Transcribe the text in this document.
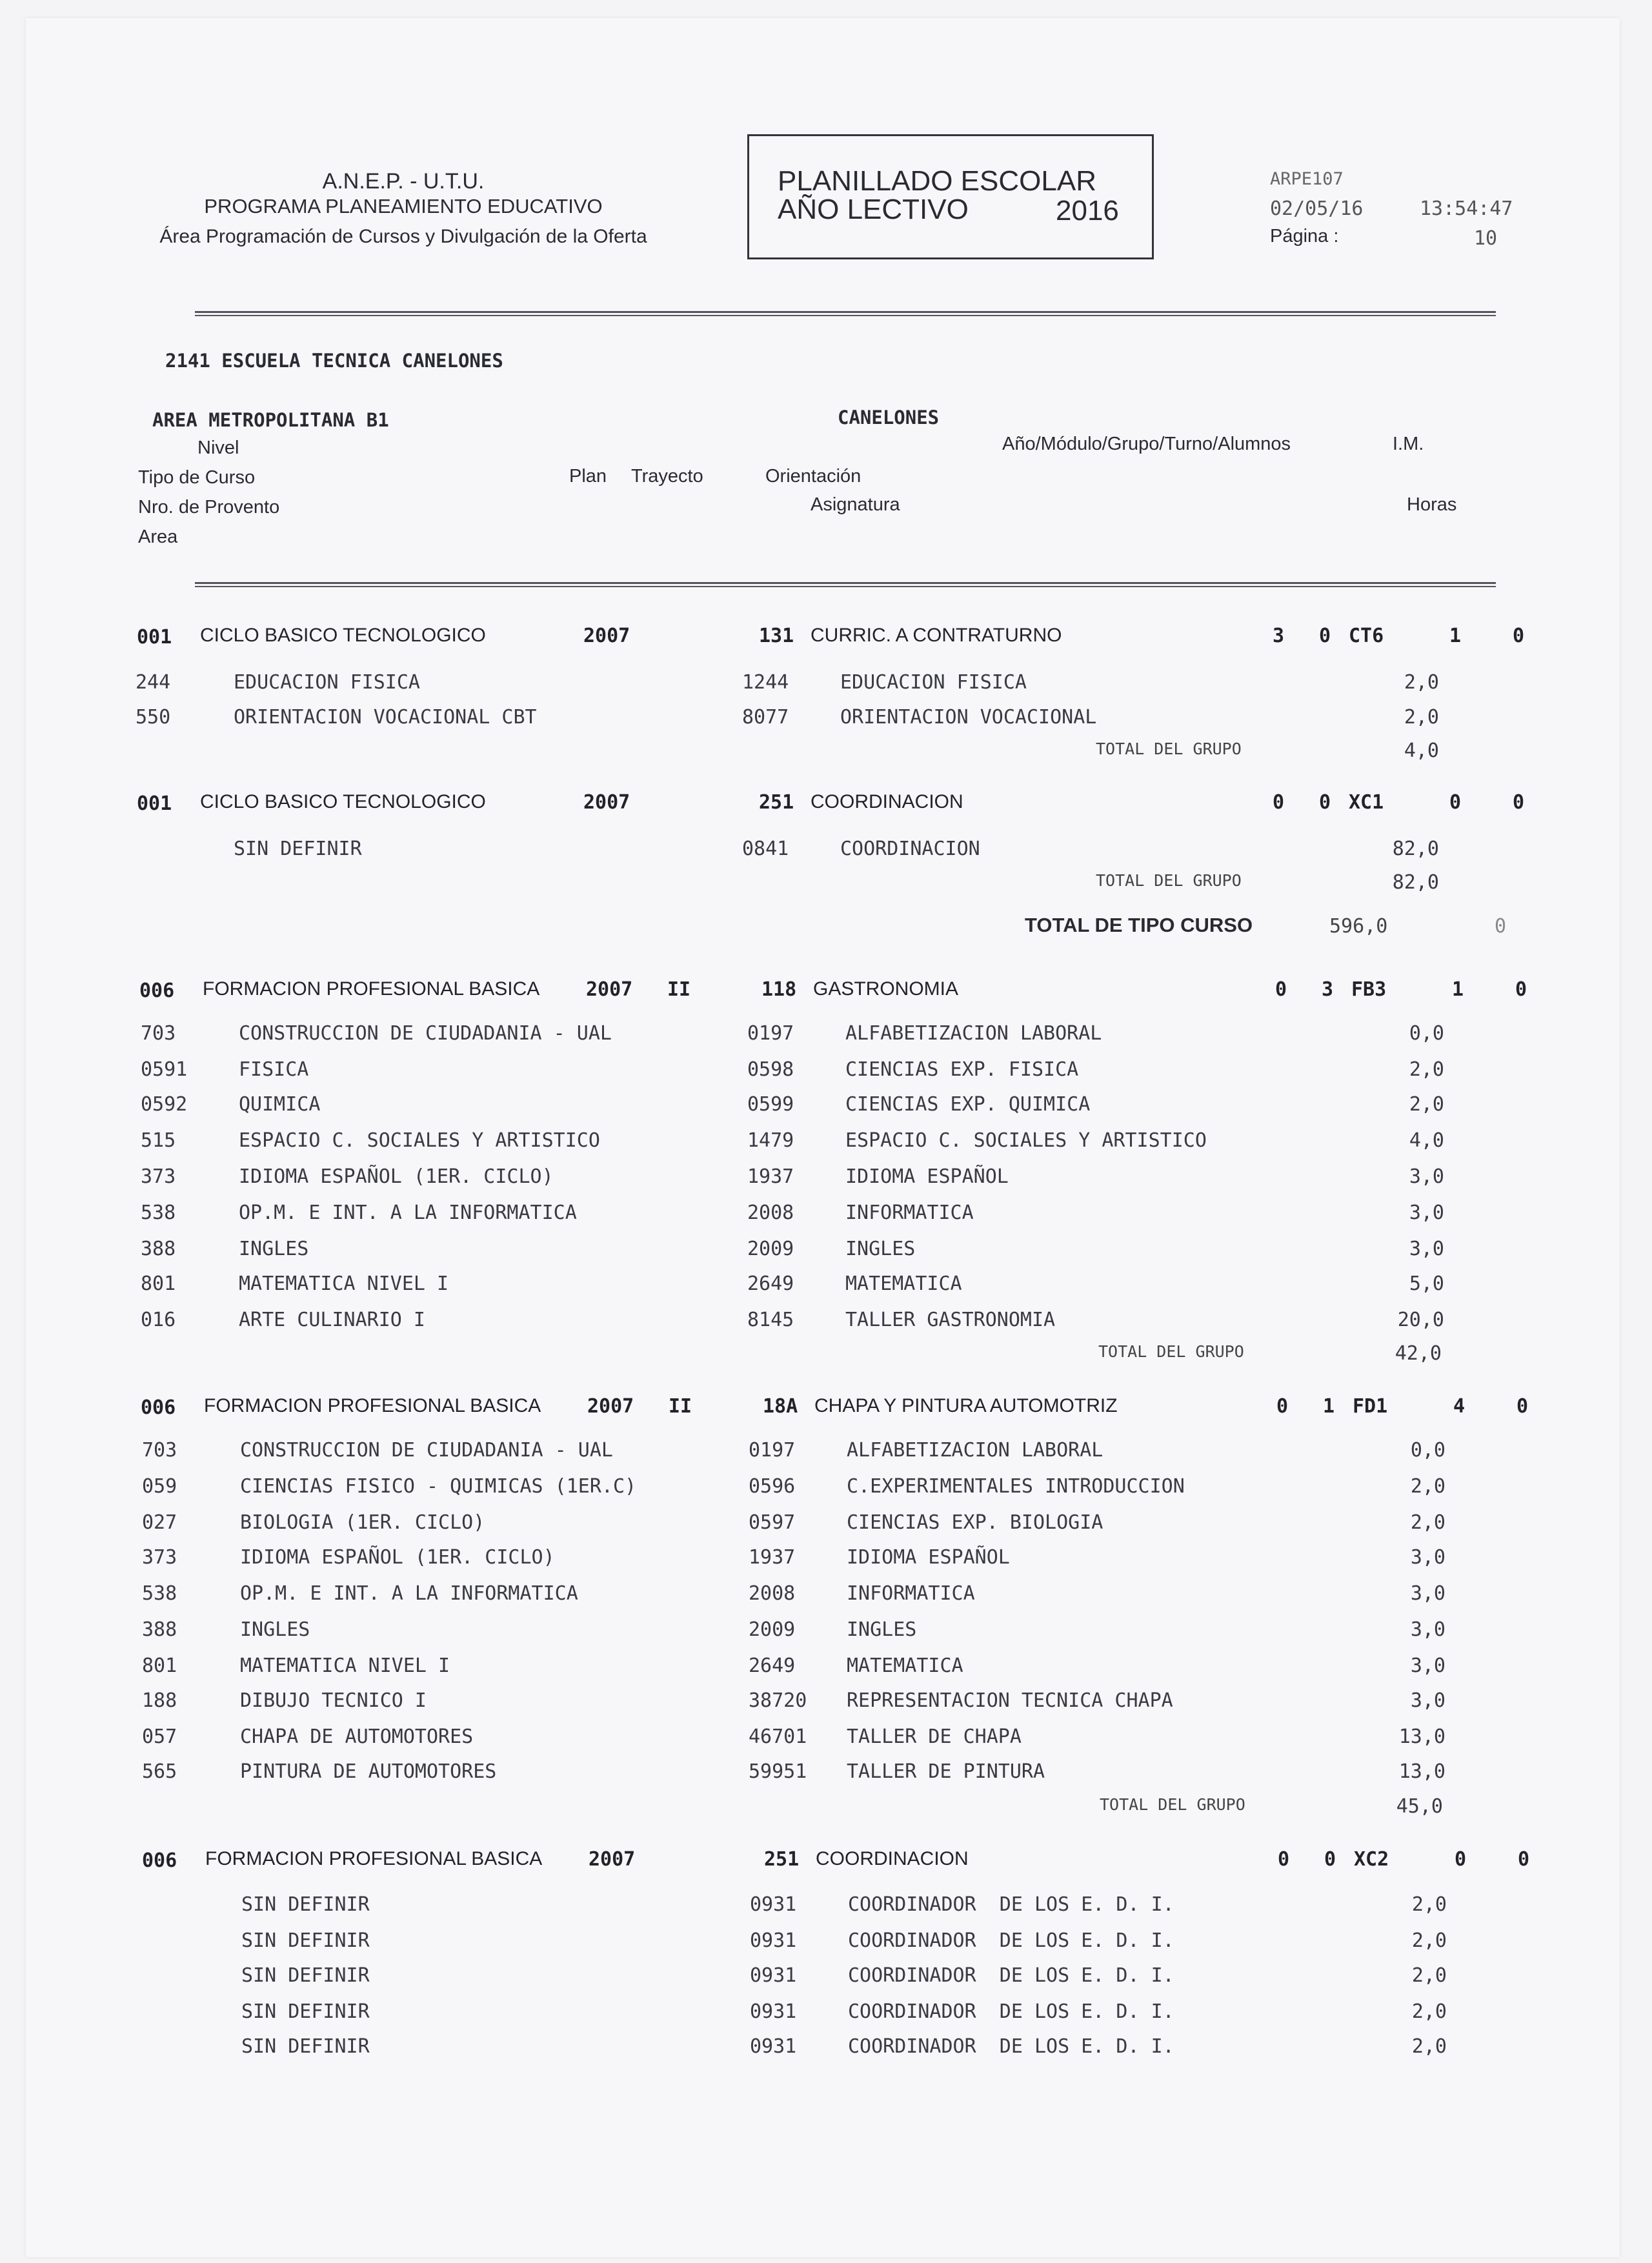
A.N.E.P. - U.T.U.
PROGRAMA PLANEAMIENTO EDUCATIVO
Área Programación de Cursos y Divulgación de la Oferta
PLANILLADO ESCOLAR
AÑO LECTIVO	2016
ARPE107
02/05/16	13:54:47
Página :	10
2141 ESCUELA TECNICA CANELONES
AREA METROPOLITANA B1	CANELONES
Nivel	Año/Módulo/Grupo/Turno/Alumnos	I.M.
Tipo de Curso	Plan Trayecto	Orientación
Nro. de Provento	Asignatura	Horas
Area
001 CICLO BASICO TECNOLOGICO	2007	131 CURRIC. A CONTRATURNO	3 0 CT6	1	0
244	EDUCACION FISICA	1244	EDUCACION FISICA	2,0
550	ORIENTACION VOCACIONAL CBT	8077	ORIENTACION VOCACIONAL	2,0
TOTAL DEL GRUPO	4,0
001 CICLO BASICO TECNOLOGICO	2007	251 COORDINACION	0 0 XC1	0	0
SIN DEFINIR	0841	COORDINACION	82,0
TOTAL DEL GRUPO	82,0
006 FORMACION PROFESIONAL BASICA 2007 II	118 GASTRONOMIA	0 3 FB3	1	0
703	CONSTRUCCION DE CIUDADANIA - UAL	0197	ALFABETIZACION LABORAL	0,0
0591	FISICA	0598	CIENCIAS EXP. FISICA	2,0
0592	QUIMICA	0599	CIENCIAS EXP. QUIMICA	2,0
515	ESPACIO C. SOCIALES Y ARTISTICO	1479	ESPACIO C. SOCIALES Y ARTISTICO	4,0
373	IDIOMA ESPAÑOL (1ER. CICLO)	1937	IDIOMA ESPAÑOL	3,0
538	OP.M. E INT. A LA INFORMATICA	2008	INFORMATICA	3,0
388	INGLES	2009	INGLES	3,0
801	MATEMATICA NIVEL I	2649	MATEMATICA	5,0
016	ARTE CULINARIO I	8145	TALLER GASTRONOMIA	20,0
TOTAL DEL GRUPO	42,0
006 FORMACION PROFESIONAL BASICA 2007 II	18A CHAPA Y PINTURA AUTOMOTRIZ	0 1 FD1	4	0
703	CONSTRUCCION DE CIUDADANIA - UAL	0197	ALFABETIZACION LABORAL	0,0
059	CIENCIAS FISICO - QUIMICAS (1ER.C)	0596	C.EXPERIMENTALES INTRODUCCION	2,0
027	BIOLOGIA (1ER. CICLO)	0597	CIENCIAS EXP. BIOLOGIA	2,0
373	IDIOMA ESPAÑOL (1ER. CICLO)	1937	IDIOMA ESPAÑOL	3,0
538	OP.M. E INT. A LA INFORMATICA	2008	INFORMATICA	3,0
388	INGLES	2009	INGLES	3,0
801	MATEMATICA NIVEL I	2649	MATEMATICA	3,0
188	DIBUJO TECNICO I	38720 REPRESENTACION TECNICA CHAPA	3,0
057	CHAPA DE AUTOMOTORES	46701 TALLER DE CHAPA	13,0
565	PINTURA DE AUTOMOTORES	59951 TALLER DE PINTURA	13,0
TOTAL DEL GRUPO	45,0
006 FORMACION PROFESIONAL BASICA 2007	251 COORDINACION	0 0 XC2	0	0
SIN DEFINIR	0931	COORDINADOR  DE LOS E. D. I.	2,0
SIN DEFINIR	0931	COORDINADOR  DE LOS E. D. I.	2,0
SIN DEFINIR	0931	COORDINADOR  DE LOS E. D. I.	2,0
SIN DEFINIR	0931	COORDINADOR  DE LOS E. D. I.	2,0
SIN DEFINIR	0931	COORDINADOR  DE LOS E. D. I.	2,0
TOTAL DE TIPO CURSO	596,0	0
